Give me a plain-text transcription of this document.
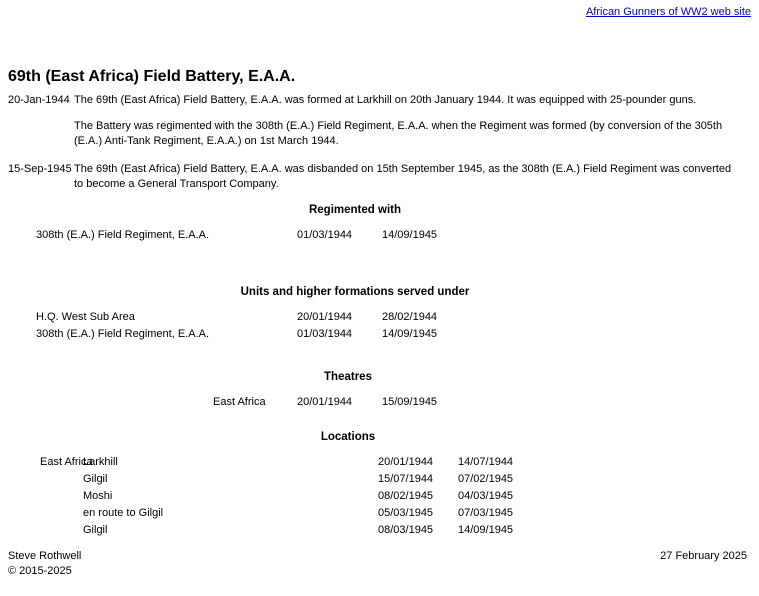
African Gunners of WW2 web site
69th (East Africa) Field Battery, E.A.A.
20-Jan-1944 The 69th (East Africa) Field Battery, E.A.A. was formed at Larkhill on 20th January 1944. It was equipped with 25-pounder guns.

The Battery was regimented with the 308th (E.A.) Field Regiment, E.A.A. when the Regiment was formed (by conversion of the 305th (E.A.) Anti-Tank Regiment, E.A.A.) on 1st March 1944.

15-Sep-1945 The 69th (East Africa) Field Battery, E.A.A. was disbanded on 15th September 1945, as the 308th (E.A.) Field Regiment was converted to become a General Transport Company.

Regimented with
308th (E.A.) Field Regiment, E.A.A.	01/03/1944	14/09/1945
Units and higher formations served under
H.Q. West Sub Area	20/01/1944	28/02/1944
308th (E.A.) Field Regiment, E.A.A.	01/03/1944	14/09/1945
Theatres
East Africa	20/01/1944	15/09/1945
Locations
East Africa
Larkhill	20/01/1944	14/07/1944
Gilgil	15/07/1944	07/02/1945
Moshi	08/02/1945	04/03/1945
en route to Gilgil	05/03/1945	07/03/1945
Gilgil	08/03/1945	14/09/1945
Steve Rothwell
© 2015-2025
27 February 2025
